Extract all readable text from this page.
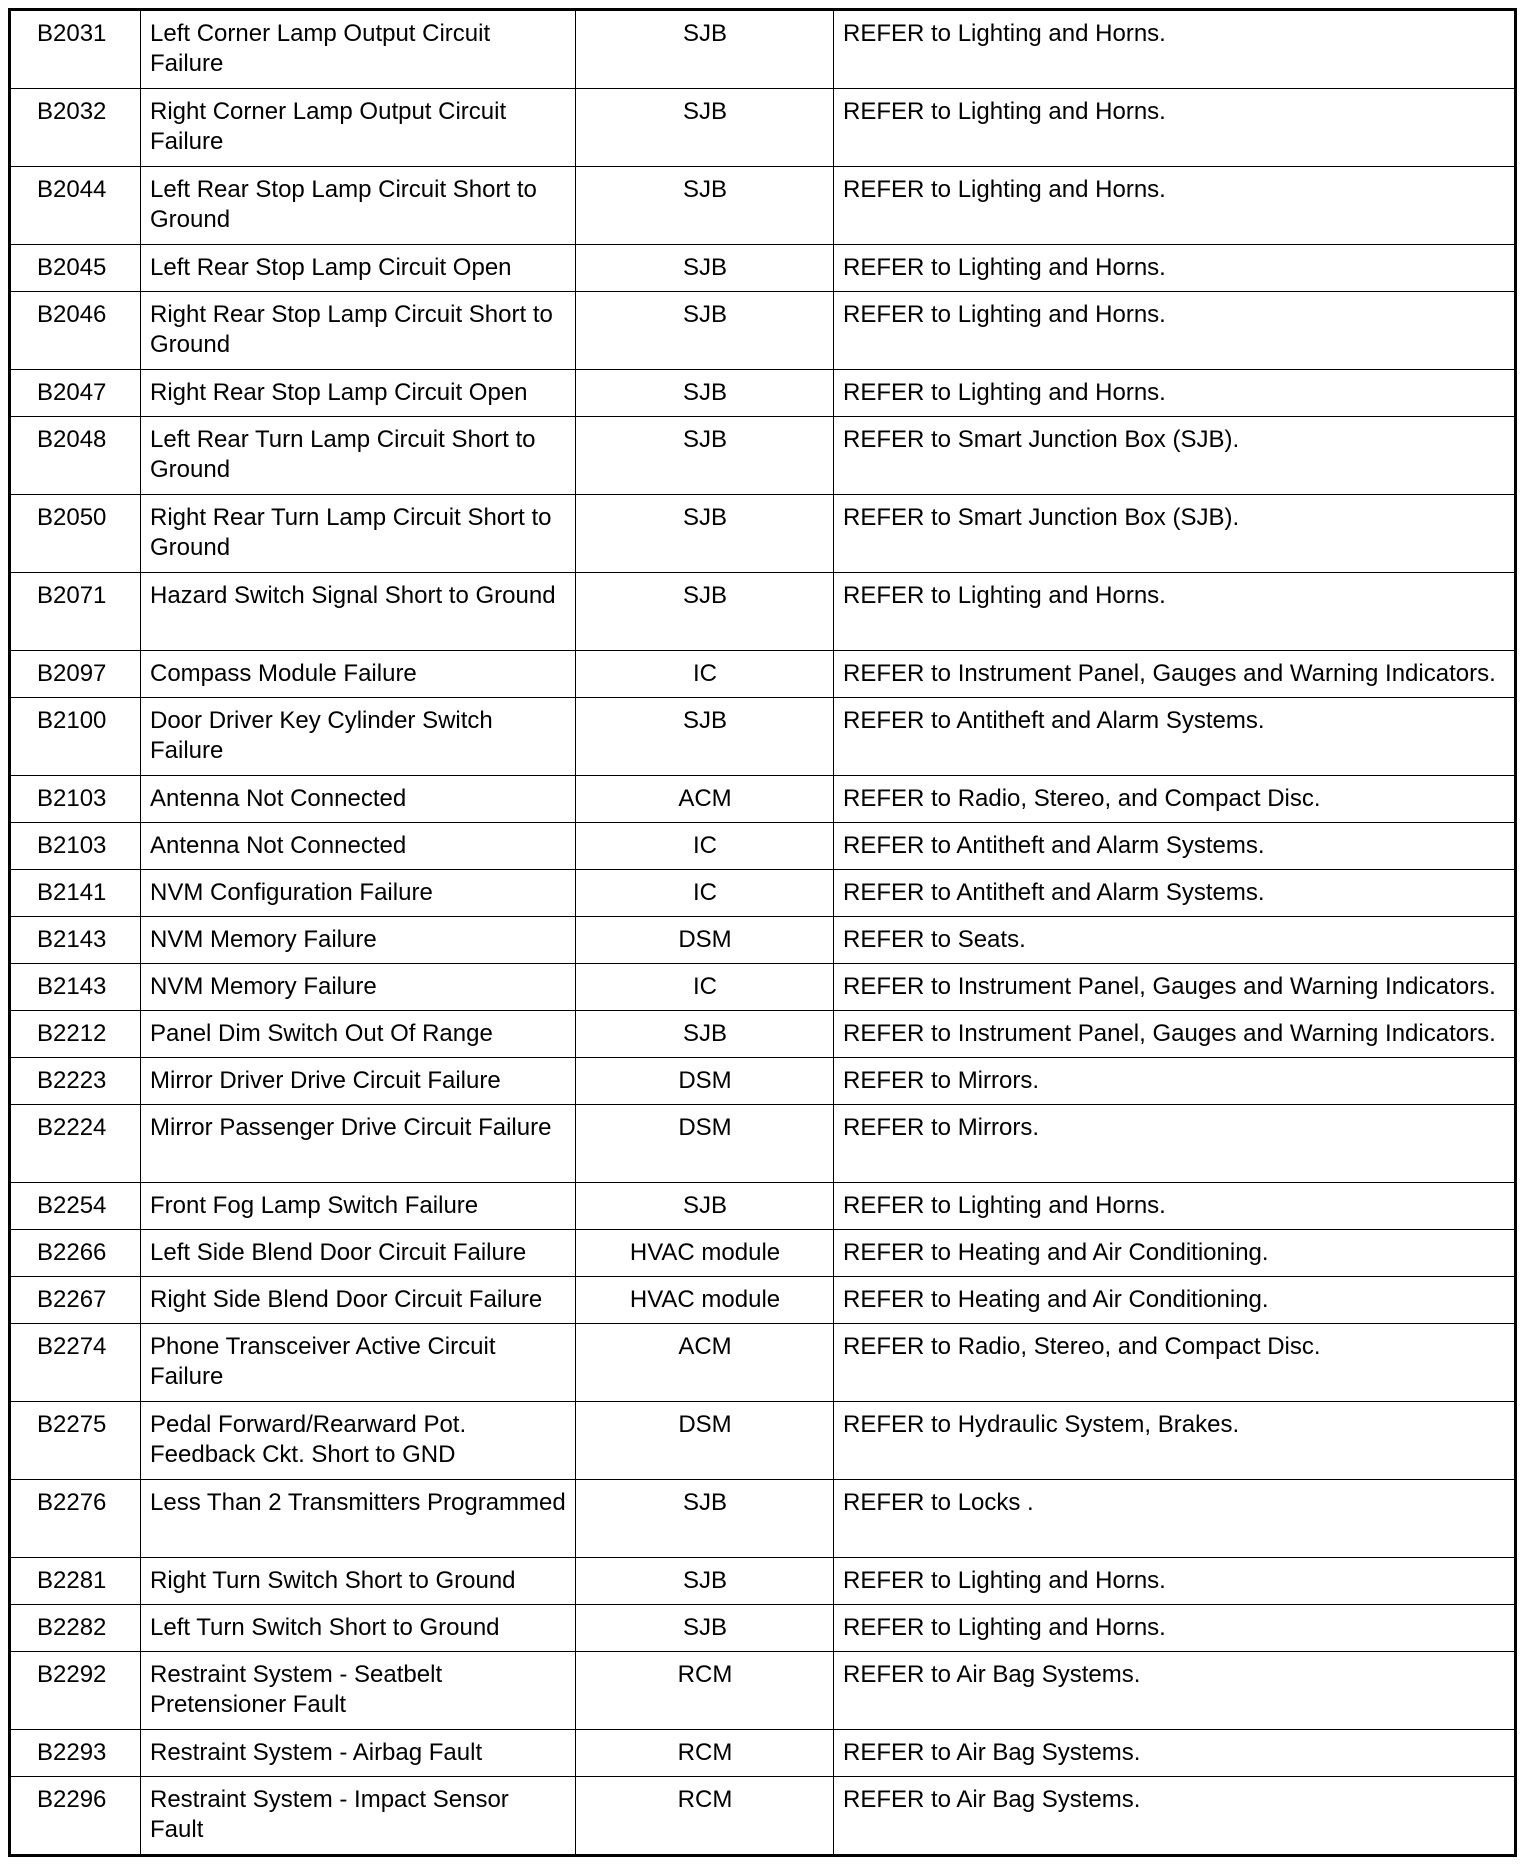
B2031	Left Corner Lamp Output Circuit Failure	SJB	REFER to Lighting and Horns.
B2032	Right Corner Lamp Output Circuit Failure	SJB	REFER to Lighting and Horns.
B2044	Left Rear Stop Lamp Circuit Short to Ground	SJB	REFER to Lighting and Horns.
B2045	Left Rear Stop Lamp Circuit Open	SJB	REFER to Lighting and Horns.
B2046	Right Rear Stop Lamp Circuit Short to Ground	SJB	REFER to Lighting and Horns.
B2047	Right Rear Stop Lamp Circuit Open	SJB	REFER to Lighting and Horns.
B2048	Left Rear Turn Lamp Circuit Short to Ground	SJB	REFER to Smart Junction Box (SJB).
B2050	Right Rear Turn Lamp Circuit Short to Ground	SJB	REFER to Smart Junction Box (SJB).
B2071	Hazard Switch Signal Short to Ground	SJB	REFER to Lighting and Horns.
B2097	Compass Module Failure	IC	REFER to Instrument Panel, Gauges and Warning Indicators.
B2100	Door Driver Key Cylinder Switch Failure	SJB	REFER to Antitheft and Alarm Systems.
B2103	Antenna Not Connected	ACM	REFER to Radio, Stereo, and Compact Disc.
B2103	Antenna Not Connected	IC	REFER to Antitheft and Alarm Systems.
B2141	NVM Configuration Failure	IC	REFER to Antitheft and Alarm Systems.
B2143	NVM Memory Failure	DSM	REFER to Seats.
B2143	NVM Memory Failure	IC	REFER to Instrument Panel, Gauges and Warning Indicators.
B2212	Panel Dim Switch Out Of Range	SJB	REFER to Instrument Panel, Gauges and Warning Indicators.
B2223	Mirror Driver Drive Circuit Failure	DSM	REFER to Mirrors.
B2224	Mirror Passenger Drive Circuit Failure	DSM	REFER to Mirrors.
B2254	Front Fog Lamp Switch Failure	SJB	REFER to Lighting and Horns.
B2266	Left Side Blend Door Circuit Failure	HVAC module	REFER to Heating and Air Conditioning.
B2267	Right Side Blend Door Circuit Failure	HVAC module	REFER to Heating and Air Conditioning.
B2274	Phone Transceiver Active Circuit Failure	ACM	REFER to Radio, Stereo, and Compact Disc.
B2275	Pedal Forward/Rearward Pot. Feedback Ckt. Short to GND	DSM	REFER to Hydraulic System, Brakes.
B2276	Less Than 2 Transmitters Programmed	SJB	REFER to Locks .
B2281	Right Turn Switch Short to Ground	SJB	REFER to Lighting and Horns.
B2282	Left Turn Switch Short to Ground	SJB	REFER to Lighting and Horns.
B2292	Restraint System - Seatbelt Pretensioner Fault	RCM	REFER to Air Bag Systems.
B2293	Restraint System - Airbag Fault	RCM	REFER to Air Bag Systems.
B2296	Restraint System - Impact Sensor Fault	RCM	REFER to Air Bag Systems.
